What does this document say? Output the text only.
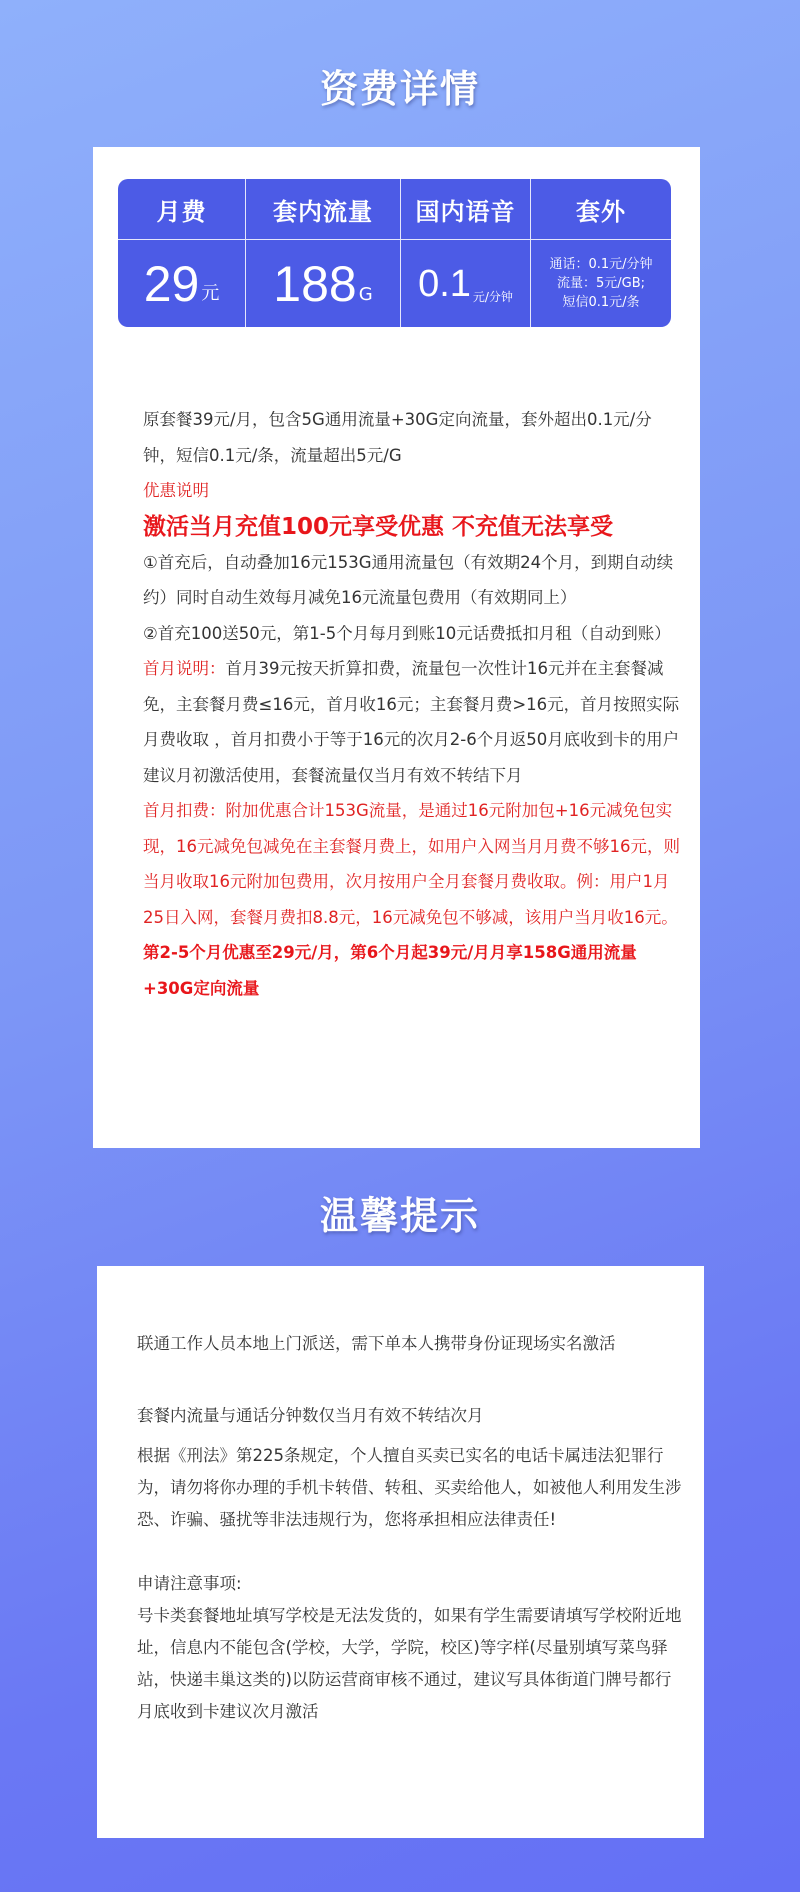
资费详情
月费
29 元
套内流量
188 G
国内语音
0.1 元/分钟
套外
通话：0.1元/分钟
流量：5元/GB;
短信0.1元/条
原套餐39元/月，包含5G通用流量+30G定向流量，套外超出0.1元/分钟，短信0.1元/条，流量超出5元/G
优惠说明
激活当月充值100元享受优惠 不充值无法享受
①首充后，自动叠加16元153G通用流量包（有效期24个月，到期自动续约）同时自动生效每月减免16元流量包费用（有效期同上）
②首充100送50元，第1-5个月每月到账10元话费抵扣月租（自动到账）
首月说明：首月39元按天折算扣费，流量包一次性计16元并在主套餐减免，主套餐月费≤16元，首月收16元；主套餐月费>16元，首月按照实际月费收取 ，首月扣费小于等于16元的次月2-6个月返50月底收到卡的用户建议月初激活使用，套餐流量仅当月有效不转结下月
首月扣费：附加优惠合计153G流量，是通过16元附加包+16元减免包实现，16元减免包减免在主套餐月费上，如用户入网当月月费不够16元，则当月收取16元附加包费用，次月按用户全月套餐月费收取。例：用户1月25日入网，套餐月费扣8.8元，16元减免包不够减，该用户当月收16元。
第2-5个月优惠至29元/月，第6个月起39元/月月享158G通用流量+30G定向流量
温馨提示
联通工作人员本地上门派送，需下单本人携带身份证现场实名激活
套餐内流量与通话分钟数仅当月有效不转结次月
根据《刑法》第225条规定，个人擅自买卖已实名的电话卡属违法犯罪行为，请勿将你办理的手机卡转借、转租、买卖给他人，如被他人利用发生涉恐、诈骗、骚扰等非法违规行为，您将承担相应法律责任!
申请注意事项:
号卡类套餐地址填写学校是无法发货的，如果有学生需要请填写学校附近地址，信息内不能包含(学校，大学，学院，校区)等字样(尽量别填写菜鸟驿站，快递丰巢这类的)以防运营商审核不通过，建议写具体街道门牌号都行月底收到卡建议次月激活
